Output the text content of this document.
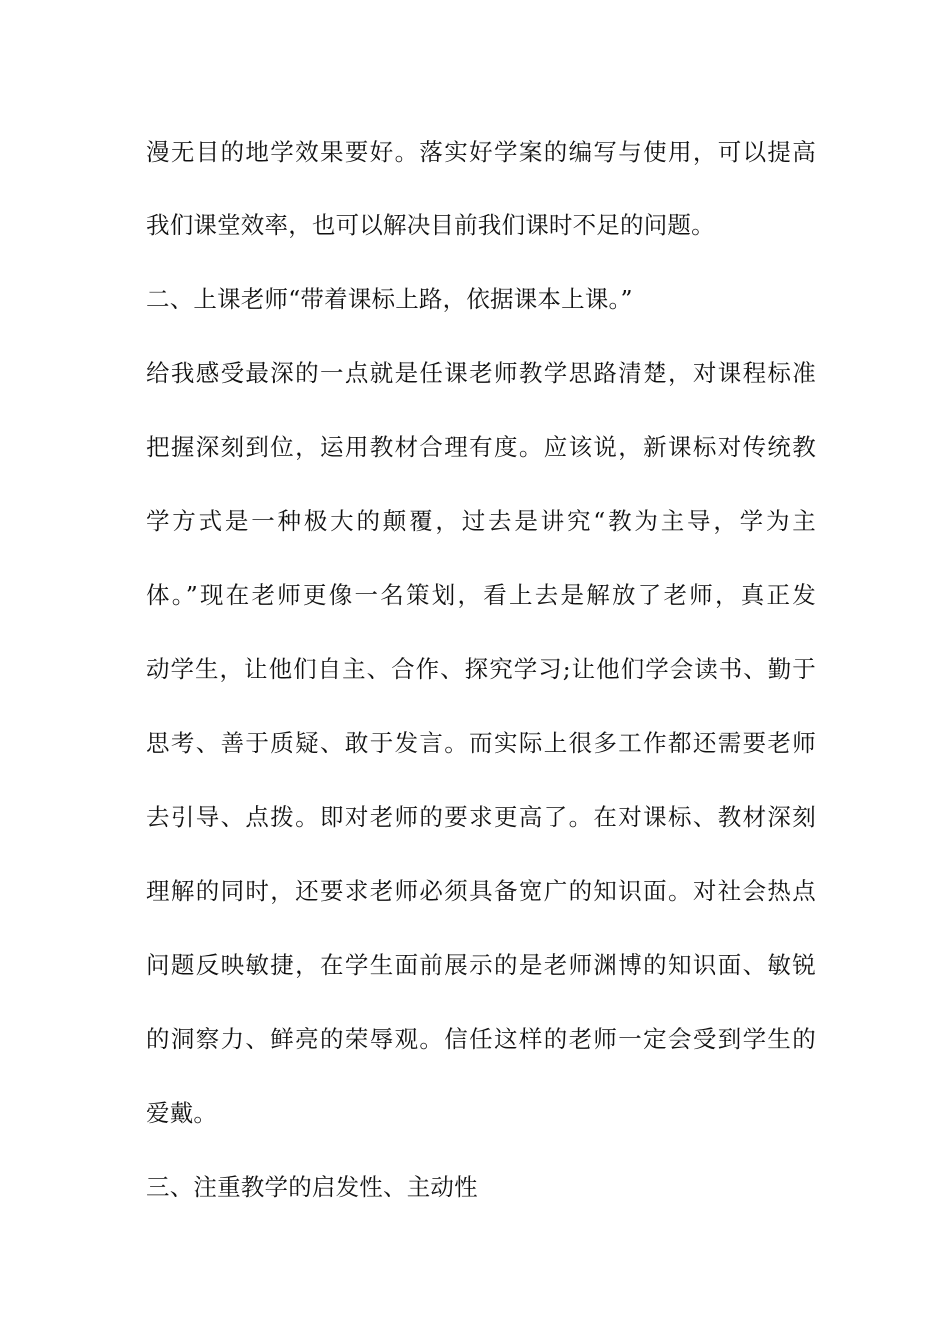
漫无目的地学效果要好。落实好学案的编写与使用，可以提高
我们课堂效率，也可以解决目前我们课时不足的问题。
二、上课老师“带着课标上路，依据课本上课。”
给我感受最深的一点就是任课老师教学思路清楚，对课程标准
把握深刻到位，运用教材合理有度。应该说，新课标对传统教
学方式是一种极大的颠覆，过去是讲究“教为主导，学为主
体。”现在老师更像一名策划，看上去是解放了老师，真正发
动学生，让他们自主、合作、探究学习;让他们学会读书、勤于
思考、善于质疑、敢于发言。而实际上很多工作都还需要老师
去引导、点拨。即对老师的要求更高了。在对课标、教材深刻
理解的同时，还要求老师必须具备宽广的知识面。对社会热点
问题反映敏捷，在学生面前展示的是老师渊博的知识面、敏锐
的洞察力、鲜亮的荣辱观。信任这样的老师一定会受到学生的
爱戴。
三、注重教学的启发性、主动性
